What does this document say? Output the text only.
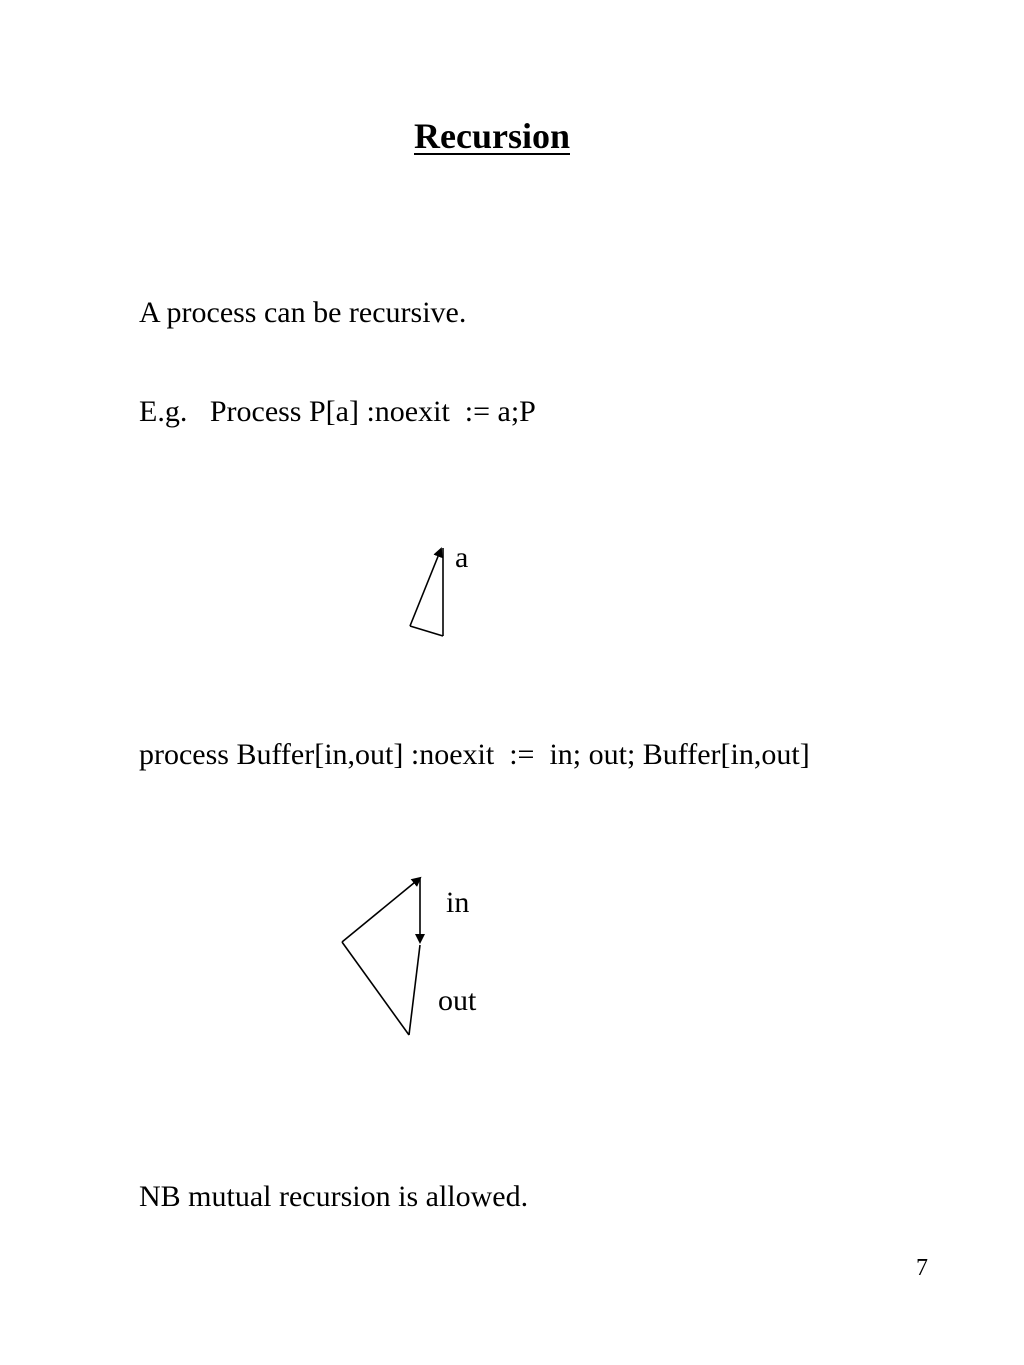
Recursion
A process can be recursive.
E.g.   Process P[a] :noexit  := a;P
a
process Buffer[in,out] :noexit  :=  in; out; Buffer[in,out]
in
out
NB mutual recursion is allowed.
7
